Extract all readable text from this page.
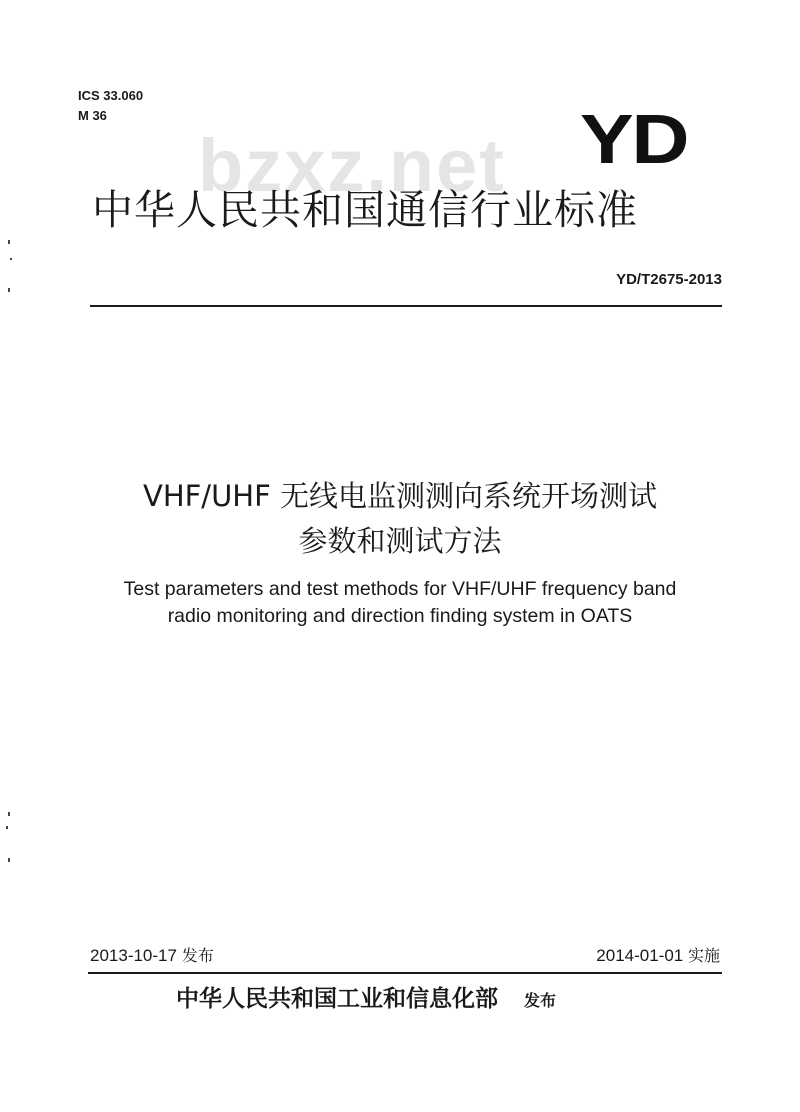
ICS 33.060
M 36
bzxz.net YD
中华人民共和国通信行业标准
YD/T2675-2013
VHF/UHF 无线电监测测向系统开场测试
参数和测试方法
Test parameters and test methods for VHF/UHF frequency band
radio monitoring and direction finding system in OATS
2013-10-17 发布	2014-01-01 实施
中华人民共和国工业和信息化部 发布
